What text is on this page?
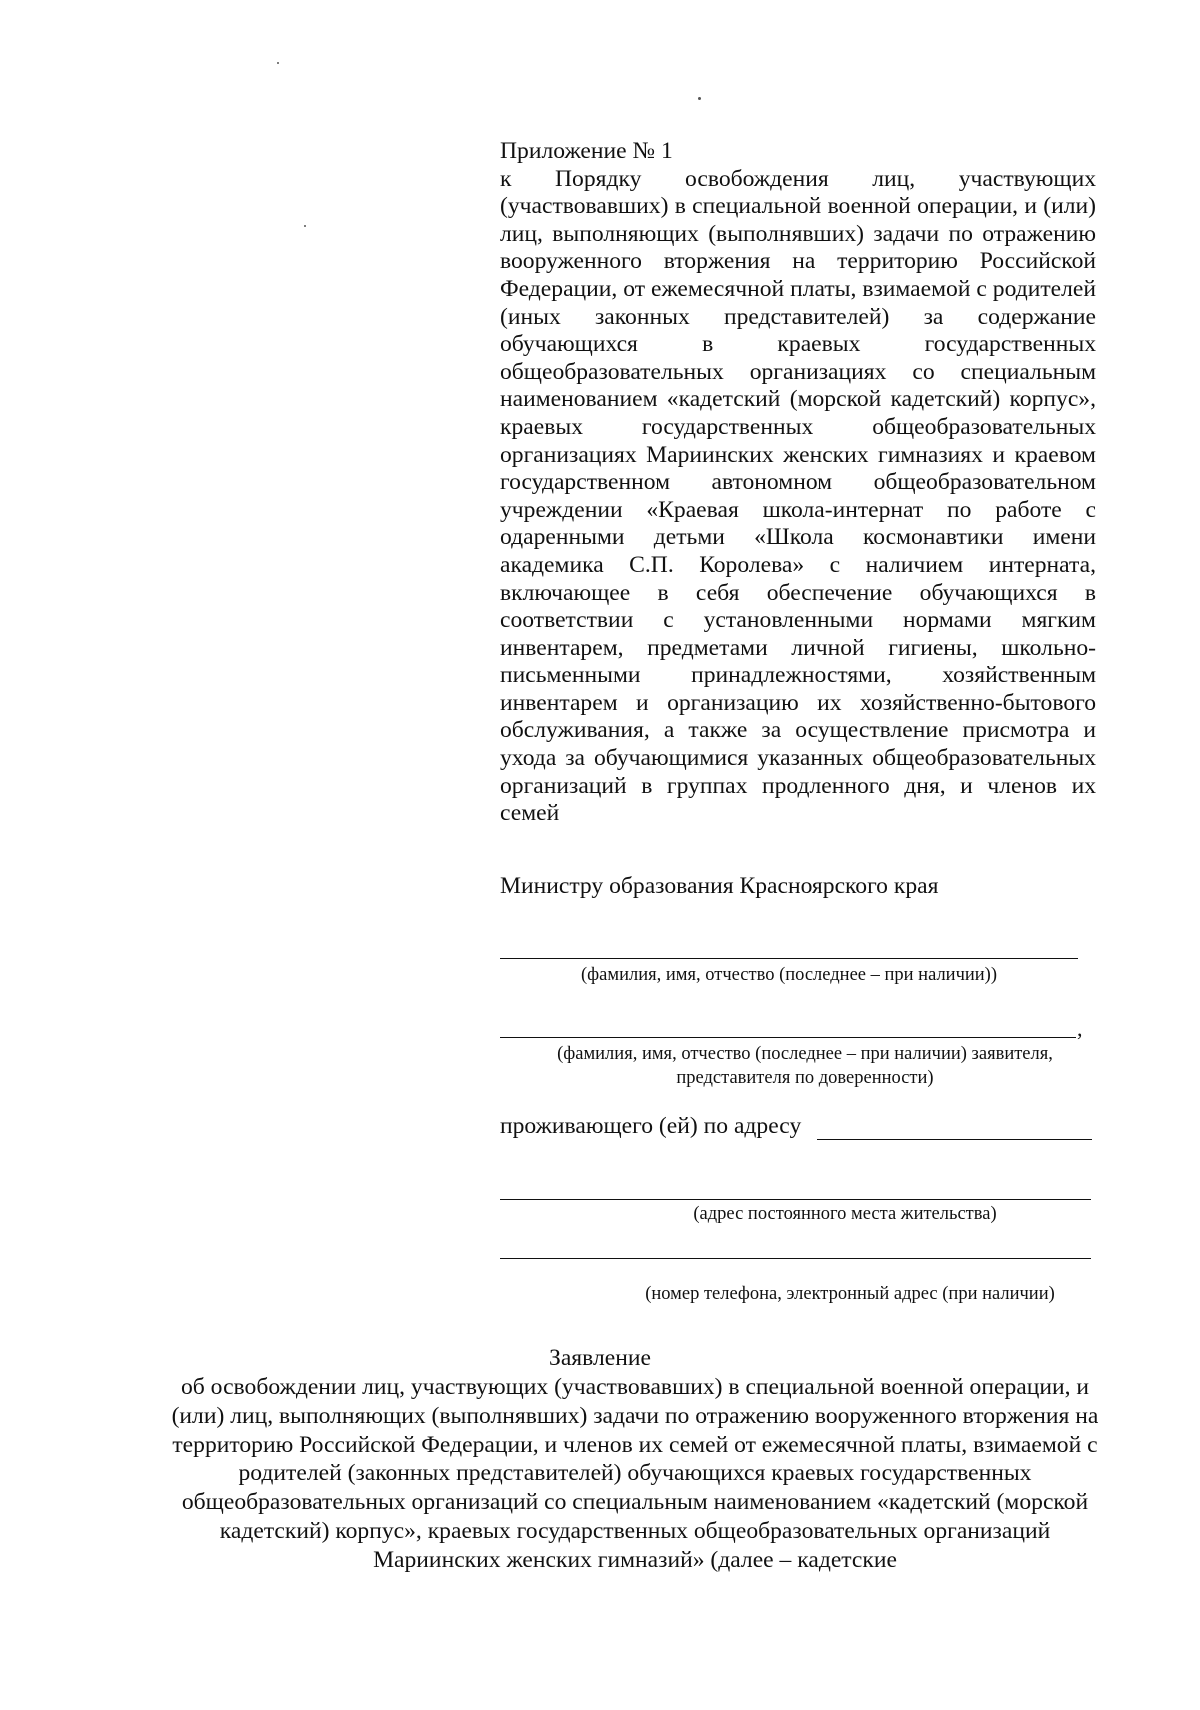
Приложение № 1

к Порядку освобождения лиц, участвующих (участвовавших) в специальной военной операции, и (или) лиц, выполняющих (выполнявших) задачи по отражению вооруженного вторжения на территорию Российской Федерации, от ежемесячной платы, взимаемой с родителей (иных законных представителей) за содержание обучающихся в краевых государственных общеобразовательных организациях со специальным наименованием «кадетский (морской кадетский) корпус», краевых государственных общеобразовательных организациях Мариинских женских гимназиях и краевом государственном автономном общеобразовательном учреждении «Краевая школа-интернат по работе с одаренными детьми «Школа космонавтики имени академика С.П. Королева» с наличием интерната, включающее в себя обеспечение обучающихся в соответствии с установленными нормами мягким инвентарем, предметами личной гигиены, школьно-письменными принадлежностями, хозяйственным инвентарем и организацию их хозяйственно-бытового обслуживания, а также за осуществление присмотра и ухода за обучающимися указанных общеобразовательных организаций в группах продленного дня, и членов их семей

Министру образования Красноярского края
(фамилия, имя, отчество (последнее – при наличии))
,
(фамилия, имя, отчество (последнее – при наличии) заявителя, представителя по доверенности)
проживающего (ей) по адресу
(адрес постоянного места жительства)
(номер телефона, электронный адрес (при наличии)
Заявление

об освобождении лиц, участвующих (участвовавших) в специальной военной операции, и (или) лиц, выполняющих (выполнявших) задачи по отражению вооруженного вторжения на территорию Российской Федерации, и членов их семей от ежемесячной платы, взимаемой с родителей (законных представителей) обучающихся краевых государственных общеобразовательных организаций со специальным наименованием «кадетский (морской кадетский) корпус», краевых государственных общеобразовательных организаций Мариинских женских гимназий» (далее – кадетские
